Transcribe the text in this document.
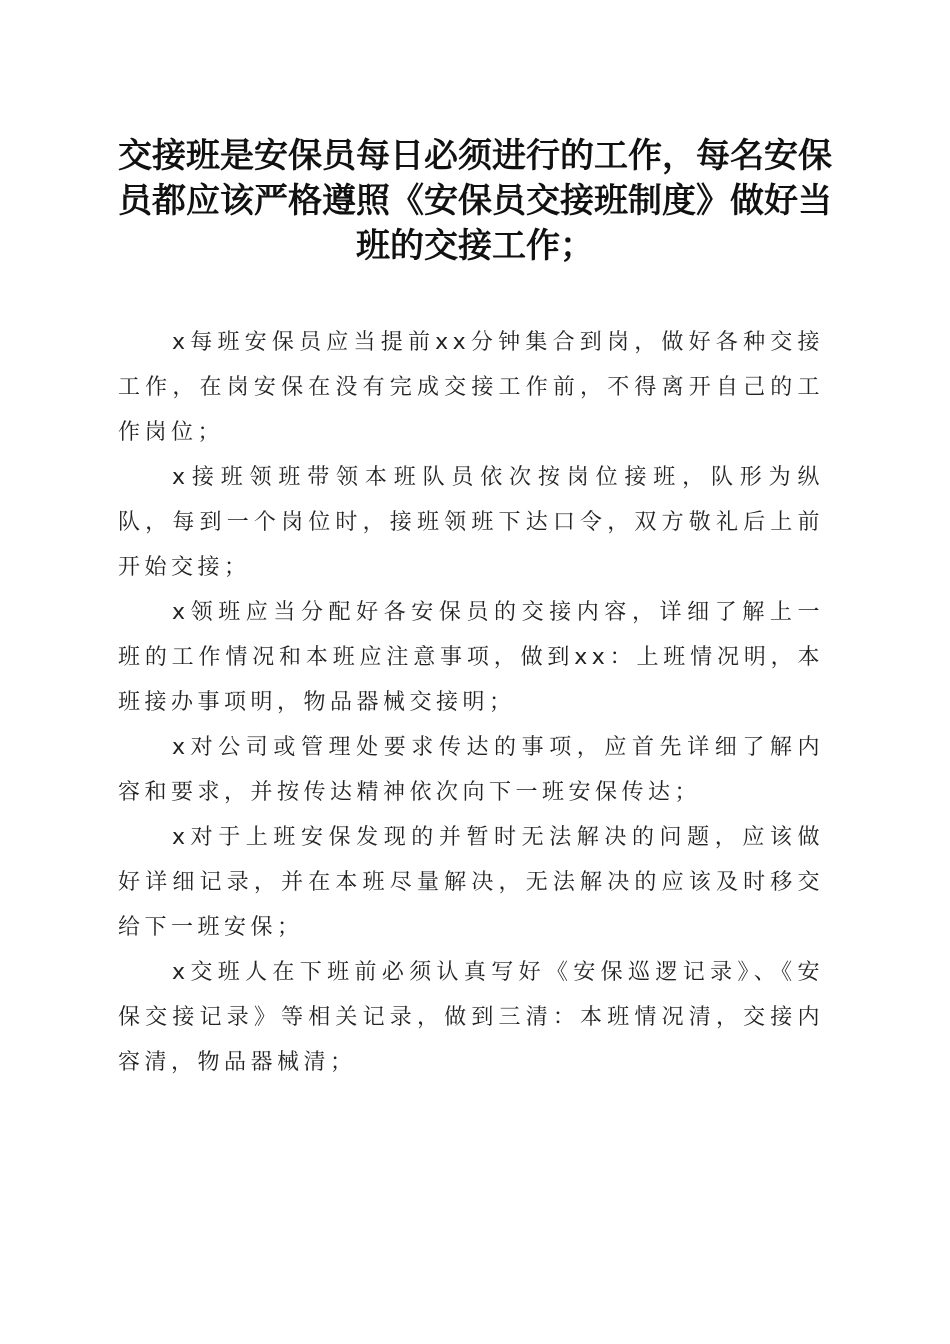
交接班是安保员每日必须进行的工作，每名安保员都应该严格遵照《安保员交接班制度》做好当班的交接工作；

x每班安保员应当提前xx分钟集合到岗，做好各种交接工作，在岗安保在没有完成交接工作前，不得离开自己的工作岗位；

x接班领班带领本班队员依次按岗位接班，队形为纵队，每到一个岗位时，接班领班下达口令，双方敬礼后上前开始交接；

x领班应当分配好各安保员的交接内容，详细了解上一班的工作情况和本班应注意事项，做到xx：上班情况明，本班接办事项明，物品器械交接明；

x对公司或管理处要求传达的事项，应首先详细了解内容和要求，并按传达精神依次向下一班安保传达；

x对于上班安保发现的并暂时无法解决的问题，应该做好详细记录，并在本班尽量解决，无法解决的应该及时移交给下一班安保；

x交班人在下班前必须认真写好《安保巡逻记录》、《安保交接记录》等相关记录，做到三清：本班情况清，交接内容清，物品器械清；
